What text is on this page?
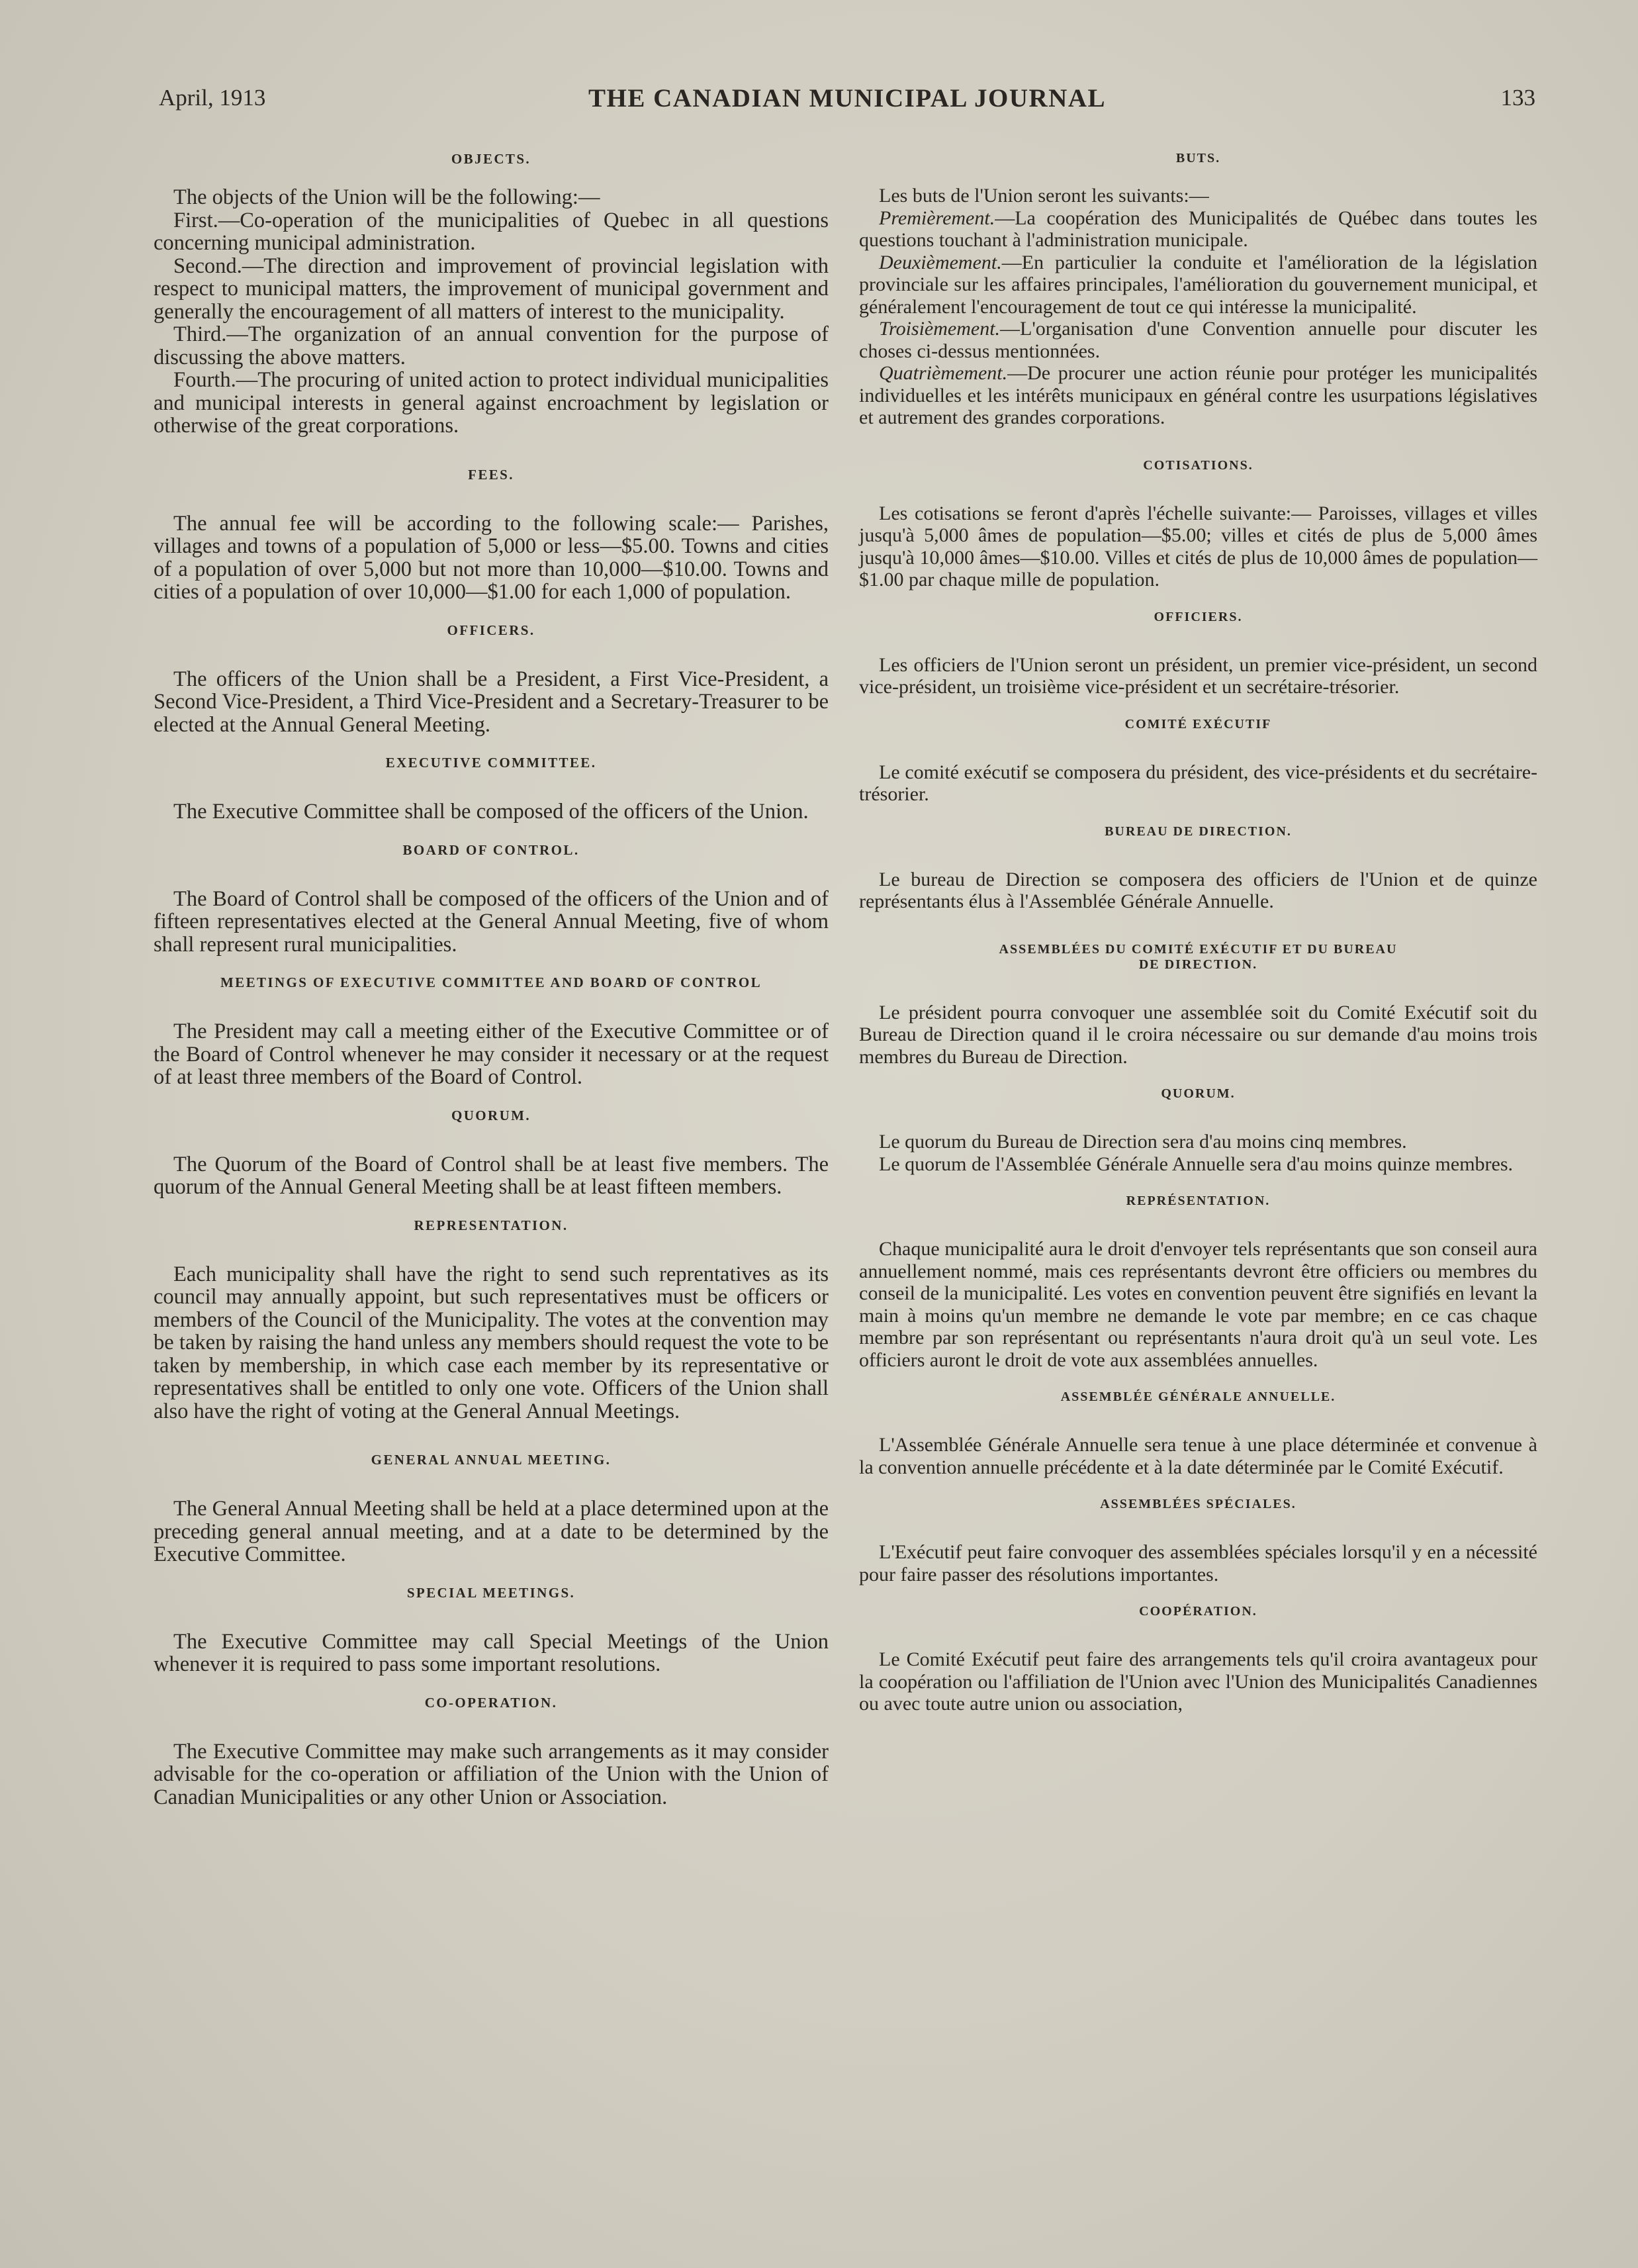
April, 1913	THE CANADIAN MUNICIPAL JOURNAL	133

OBJECTS.

The objects of the Union will be the following:—

First.—Co-operation of the municipalities of Quebec in all questions concerning municipal administration.

Second.—The direction and improvement of provincial legislation with respect to municipal matters, the improvement of municipal government and generally the encouragement of all matters of interest to the municipality.

Third.—The organization of an annual convention for the purpose of discussing the above matters.

Fourth.—The procuring of united action to protect individual municipalities and municipal interests in general against encroachment by legislation or otherwise of the great corporations.

FEES.

The annual fee will be according to the following scale:— Parishes, villages and towns of a population of 5,000 or less—$5.00. Towns and cities of a population of over 5,000 but not more than 10,000—$10.00. Towns and cities of a population of over 10,000—$1.00 for each 1,000 of population.

OFFICERS.

The officers of the Union shall be a President, a First Vice-President, a Second Vice-President, a Third Vice-President and a Secretary-Treasurer to be elected at the Annual General Meeting.

EXECUTIVE COMMITTEE.

The Executive Committee shall be composed of the officers of the Union.

BOARD OF CONTROL.

The Board of Control shall be composed of the officers of the Union and of fifteen representatives elected at the General Annual Meeting, five of whom shall represent rural municipalities.

MEETINGS OF EXECUTIVE COMMITTEE AND BOARD OF CONTROL

The President may call a meeting either of the Executive Committee or of the Board of Control whenever he may consider it necessary or at the request of at least three members of the Board of Control.

QUORUM.

The Quorum of the Board of Control shall be at least five members. The quorum of the Annual General Meeting shall be at least fifteen members.

REPRESENTATION.

Each municipality shall have the right to send such reprentatives as its council may annually appoint, but such representatives must be officers or members of the Council of the Municipality. The votes at the convention may be taken by raising the hand unless any members should request the vote to be taken by membership, in which case each member by its representative or representatives shall be entitled to only one vote. Officers of the Union shall also have the right of voting at the General Annual Meetings.

GENERAL ANNUAL MEETING.

The General Annual Meeting shall be held at a place determined upon at the preceding general annual meeting, and at a date to be determined by the Executive Committee.

SPECIAL MEETINGS.

The Executive Committee may call Special Meetings of the Union whenever it is required to pass some important resolutions.

CO-OPERATION.

The Executive Committee may make such arrangements as it may consider advisable for the co-operation or affiliation of the Union with the Union of Canadian Municipalities or any other Union or Association.

BUTS.

Les buts de l'Union seront les suivants:—

Premièrement.—La coopération des Municipalités de Québec dans toutes les questions touchant à l'administration municipale.

Deuxièmement.—En particulier la conduite et l'amélioration de la législation provinciale sur les affaires principales, l'amélioration du gouvernement municipal, et généralement l'encouragement de tout ce qui intéresse la municipalité.

Troisièmement.—L'organisation d'une Convention annuelle pour discuter les choses ci-dessus mentionnées.

Quatrièmement.—De procurer une action réunie pour protéger les municipalités individuelles et les intérêts municipaux en général contre les usurpations législatives et autrement des grandes corporations.

COTISATIONS.

Les cotisations se feront d'après l'échelle suivante:— Paroisses, villages et villes jusqu'à 5,000 âmes de population—$5.00; villes et cités de plus de 5,000 âmes jusqu'à 10,000 âmes—$10.00. Villes et cités de plus de 10,000 âmes de population—$1.00 par chaque mille de population.

OFFICIERS.

Les officiers de l'Union seront un président, un premier vice-président, un second vice-président, un troisième vice-président et un secrétaire-trésorier.

COMITÉ EXÉCUTIF

Le comité exécutif se composera du président, des vice-présidents et du secrétaire-trésorier.

BUREAU DE DIRECTION.

Le bureau de Direction se composera des officiers de l'Union et de quinze représentants élus à l'Assemblée Générale Annuelle.

ASSEMBLÉES DU COMITÉ EXÉCUTIF ET DU BUREAU

DE DIRECTION.

Le président pourra convoquer une assemblée soit du Comité Exécutif soit du Bureau de Direction quand il le croira nécessaire ou sur demande d'au moins trois membres du Bureau de Direction.

QUORUM.

Le quorum du Bureau de Direction sera d'au moins cinq membres.

Le quorum de l'Assemblée Générale Annuelle sera d'au moins quinze membres.

REPRÉSENTATION.

Chaque municipalité aura le droit d'envoyer tels représentants que son conseil aura annuellement nommé, mais ces représentants devront être officiers ou membres du conseil de la municipalité. Les votes en convention peuvent être signifiés en levant la main à moins qu'un membre ne demande le vote par membre; en ce cas chaque membre par son représentant ou représentants n'aura droit qu'à un seul vote. Les officiers auront le droit de vote aux assemblées annuelles.

ASSEMBLÉE GÉNÉRALE ANNUELLE.

L'Assemblée Générale Annuelle sera tenue à une place déterminée et convenue à la convention annuelle précédente et à la date déterminée par le Comité Exécutif.

ASSEMBLÉES SPÉCIALES.

L'Exécutif peut faire convoquer des assemblées spéciales lorsqu'il y en a nécessité pour faire passer des résolutions importantes.

COOPÉRATION.

Le Comité Exécutif peut faire des arrangements tels qu'il croira avantageux pour la coopération ou l'affiliation de l'Union avec l'Union des Municipalités Canadiennes ou avec toute autre union ou association,
